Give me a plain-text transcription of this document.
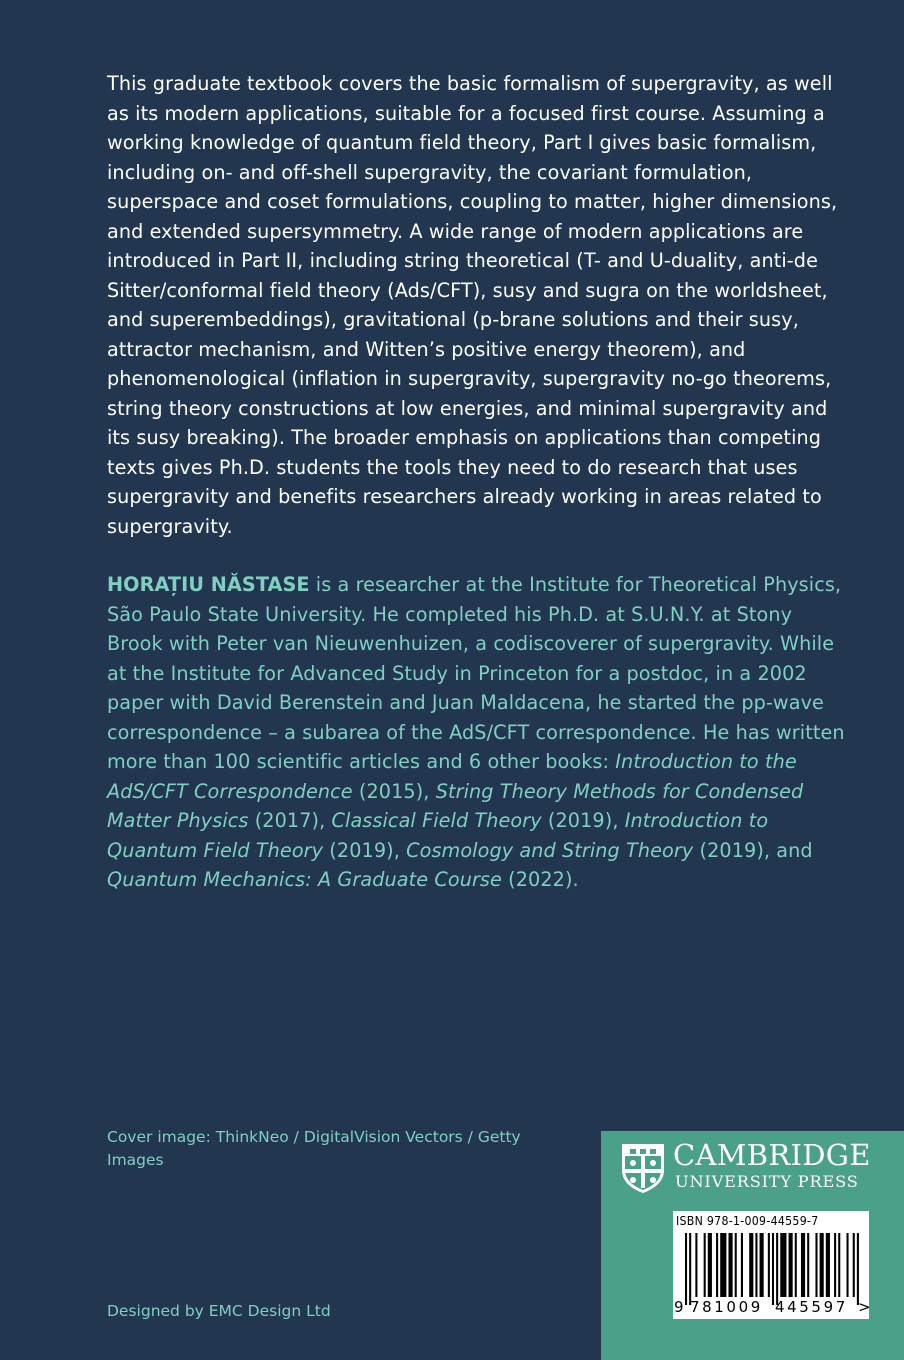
This graduate textbook covers the basic formalism of supergravity, as well as its modern applications, suitable for a focused first course. Assuming a working knowledge of quantum field theory, Part I gives basic formalism, including on- and off-shell supergravity, the covariant formulation, superspace and coset formulations, coupling to matter, higher dimensions, and extended supersymmetry. A wide range of modern applications are introduced in Part II, including string theoretical (T- and U-duality, anti-de Sitter/conformal field theory (Ads/CFT), susy and sugra on the worldsheet, and superembeddings), gravitational (p-brane solutions and their susy, attractor mechanism, and Witten’s positive energy theorem), and phenomenological (inflation in supergravity, supergravity no-go theorems, string theory constructions at low energies, and minimal supergravity and its susy breaking). The broader emphasis on applications than competing texts gives Ph.D. students the tools they need to do research that uses supergravity and benefits researchers already working in areas related to supergravity.

HORAȚIU NĂSTASE is a researcher at the Institute for Theoretical Physics, São Paulo State University. He completed his Ph.D. at S.U.N.Y. at Stony Brook with Peter van Nieuwenhuizen, a codiscoverer of supergravity. While at the Institute for Advanced Study in Princeton for a postdoc, in a 2002 paper with David Berenstein and Juan Maldacena, he started the pp-wave correspondence – a subarea of the AdS/CFT correspondence. He has written more than 100 scientific articles and 6 other books: Introduction to the AdS/CFT Correspondence (2015), String Theory Methods for Condensed Matter Physics (2017), Classical Field Theory (2019), Introduction to Quantum Field Theory (2019), Cosmology and String Theory (2019), and Quantum Mechanics: A Graduate Course (2022).

Cover image: ThinkNeo / DigitalVision Vectors / Getty Images
Designed by EMC Design Ltd
CAMBRIDGE
UNIVERSITY PRESS
ISBN 978-1-009-44559-7
9 781009 445597 >
